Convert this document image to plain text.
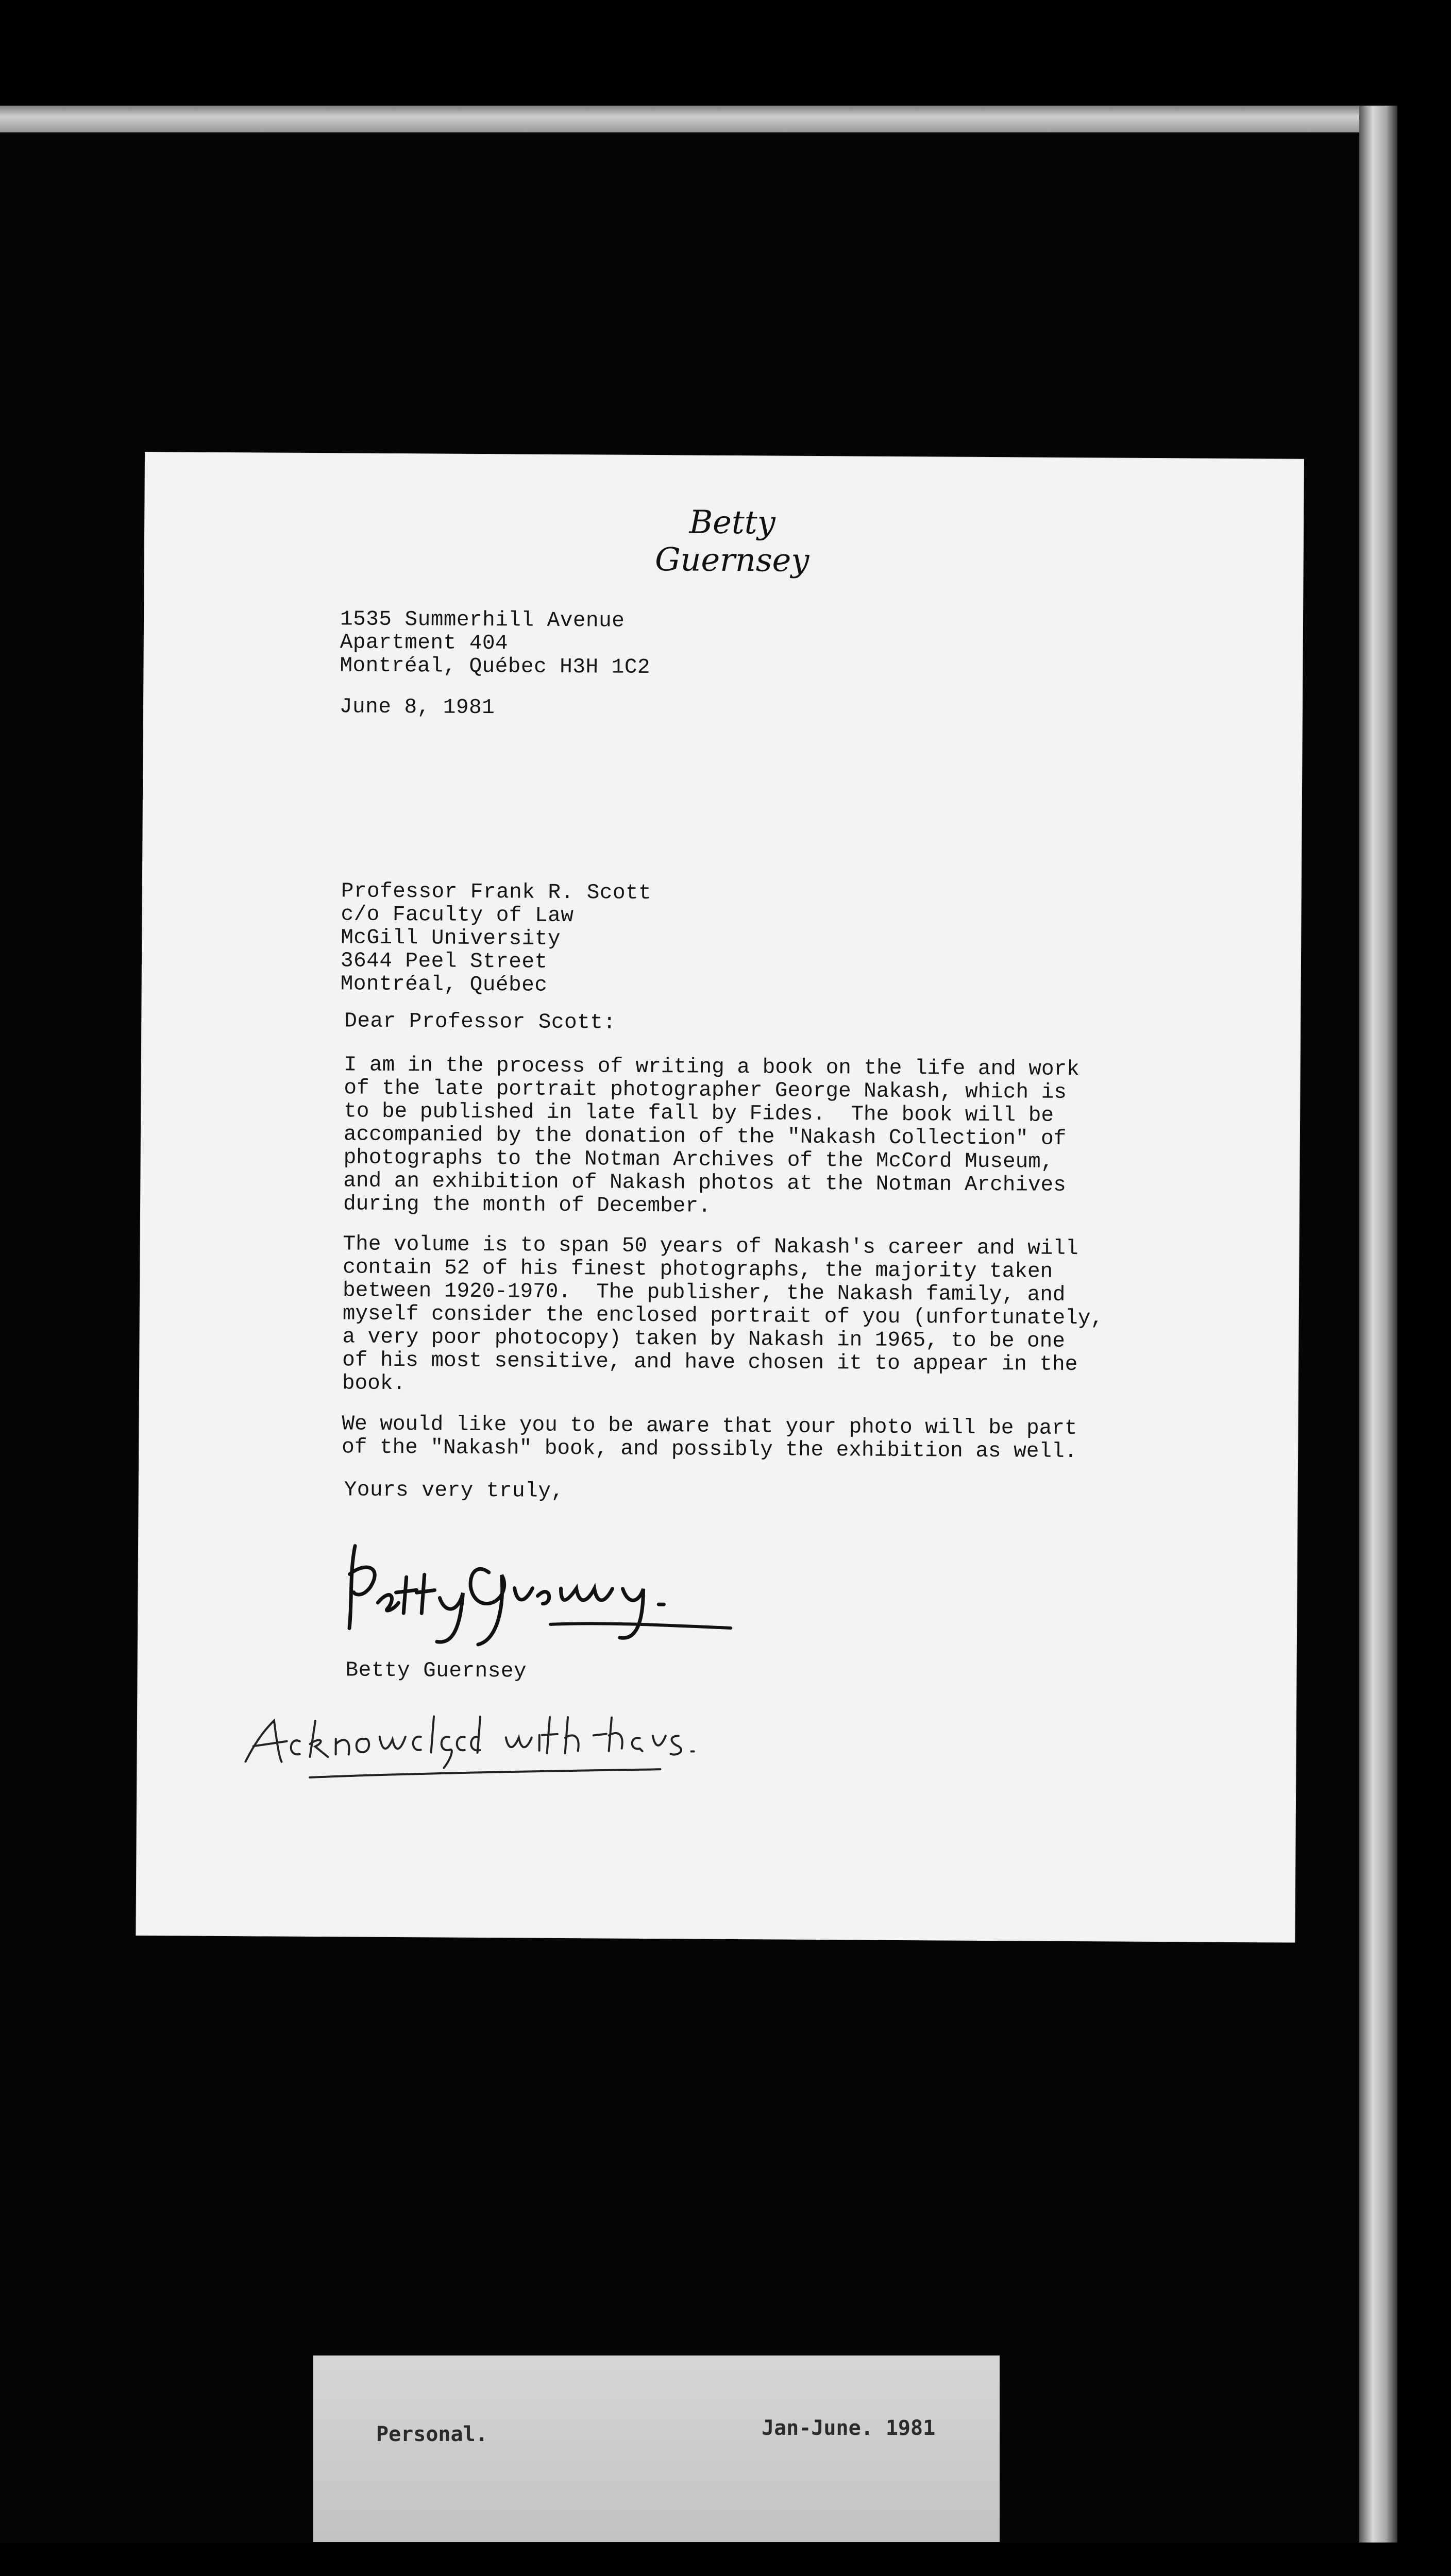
Betty Guernsey
1535 Summerhill Avenue
Apartment 404
Montréal, Québec H3H 1C2
June 8, 1981
Professor Frank R. Scott
c/o Faculty of Law
McGill University
3644 Peel Street
Montréal, Québec
Dear Professor Scott:
I am in the process of writing a book on the life and work
of the late portrait photographer George Nakash, which is
to be published in late fall by Fides.  The book will be
accompanied by the donation of the "Nakash Collection" of
photographs to the Notman Archives of the McCord Museum,
and an exhibition of Nakash photos at the Notman Archives
during the month of December.
The volume is to span 50 years of Nakash's career and will
contain 52 of his finest photographs, the majority taken
between 1920-1970.  The publisher, the Nakash family, and
myself consider the enclosed portrait of you (unfortunately,
a very poor photocopy) taken by Nakash in 1965, to be one
of his most sensitive, and have chosen it to appear in the
book.
We would like you to be aware that your photo will be part
of the "Nakash" book, and possibly the exhibition as well.
Yours very truly,
Betty Guernsey
Betty Guernsey
Acknowledged with thanks.
Personal.	Jan-June. 1981
